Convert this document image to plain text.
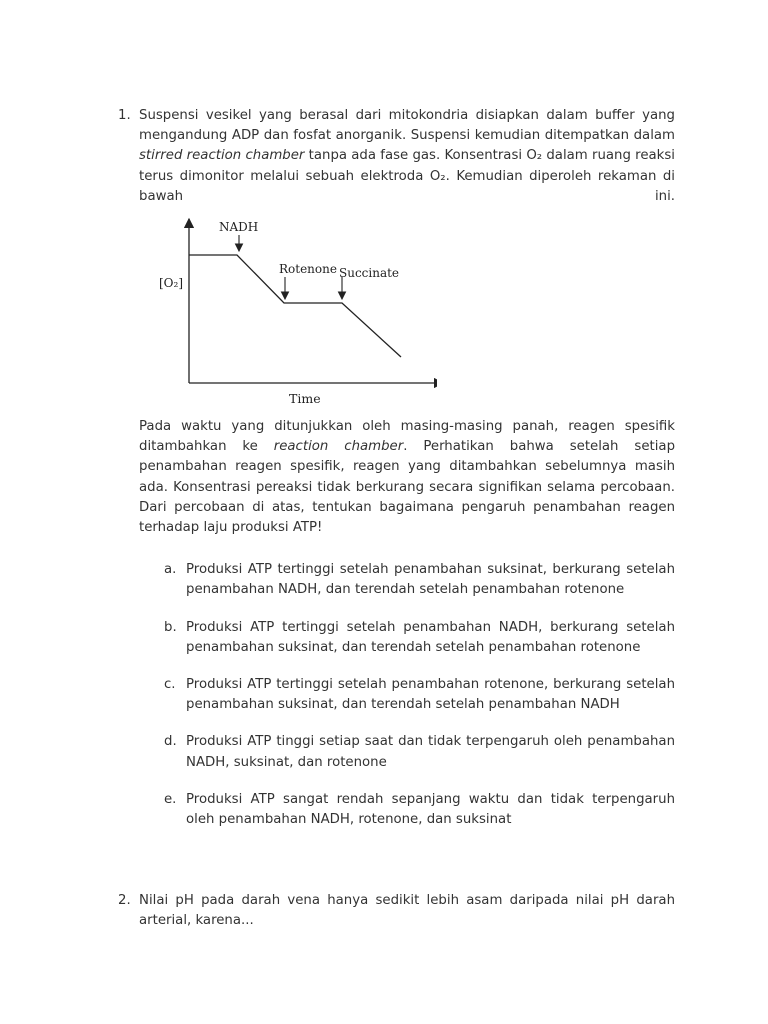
1. Suspensi vesikel yang berasal dari mitokondria disiapkan dalam buffer yang mengandung ADP dan fosfat anorganik. Suspensi kemudian ditempatkan dalam stirred reaction chamber tanpa ada fase gas. Konsentrasi O₂ dalam ruang reaksi terus dimonitor melalui sebuah elektroda O₂. Kemudian diperoleh rekaman di bawah ini.
NADH
Rotenone Succinate
[O₂]
Time
Pada waktu yang ditunjukkan oleh masing-masing panah, reagen spesifik ditambahkan ke reaction chamber. Perhatikan bahwa setelah setiap penambahan reagen spesifik, reagen yang ditambahkan sebelumnya masih ada. Konsentrasi pereaksi tidak berkurang secara signifikan selama percobaan. Dari percobaan di atas, tentukan bagaimana pengaruh penambahan reagen terhadap laju produksi ATP!
a. Produksi ATP tertinggi setelah penambahan suksinat, berkurang setelah penambahan NADH, dan terendah setelah penambahan rotenone
b. Produksi ATP tertinggi setelah penambahan NADH, berkurang setelah penambahan suksinat, dan terendah setelah penambahan rotenone
c. Produksi ATP tertinggi setelah penambahan rotenone, berkurang setelah penambahan suksinat, dan terendah setelah penambahan NADH
d. Produksi ATP tinggi setiap saat dan tidak terpengaruh oleh penambahan NADH, suksinat, dan rotenone
e. Produksi ATP sangat rendah sepanjang waktu dan tidak terpengaruh oleh penambahan NADH, rotenone, dan suksinat
2. Nilai pH pada darah vena hanya sedikit lebih asam daripada nilai pH darah arterial, karena...
